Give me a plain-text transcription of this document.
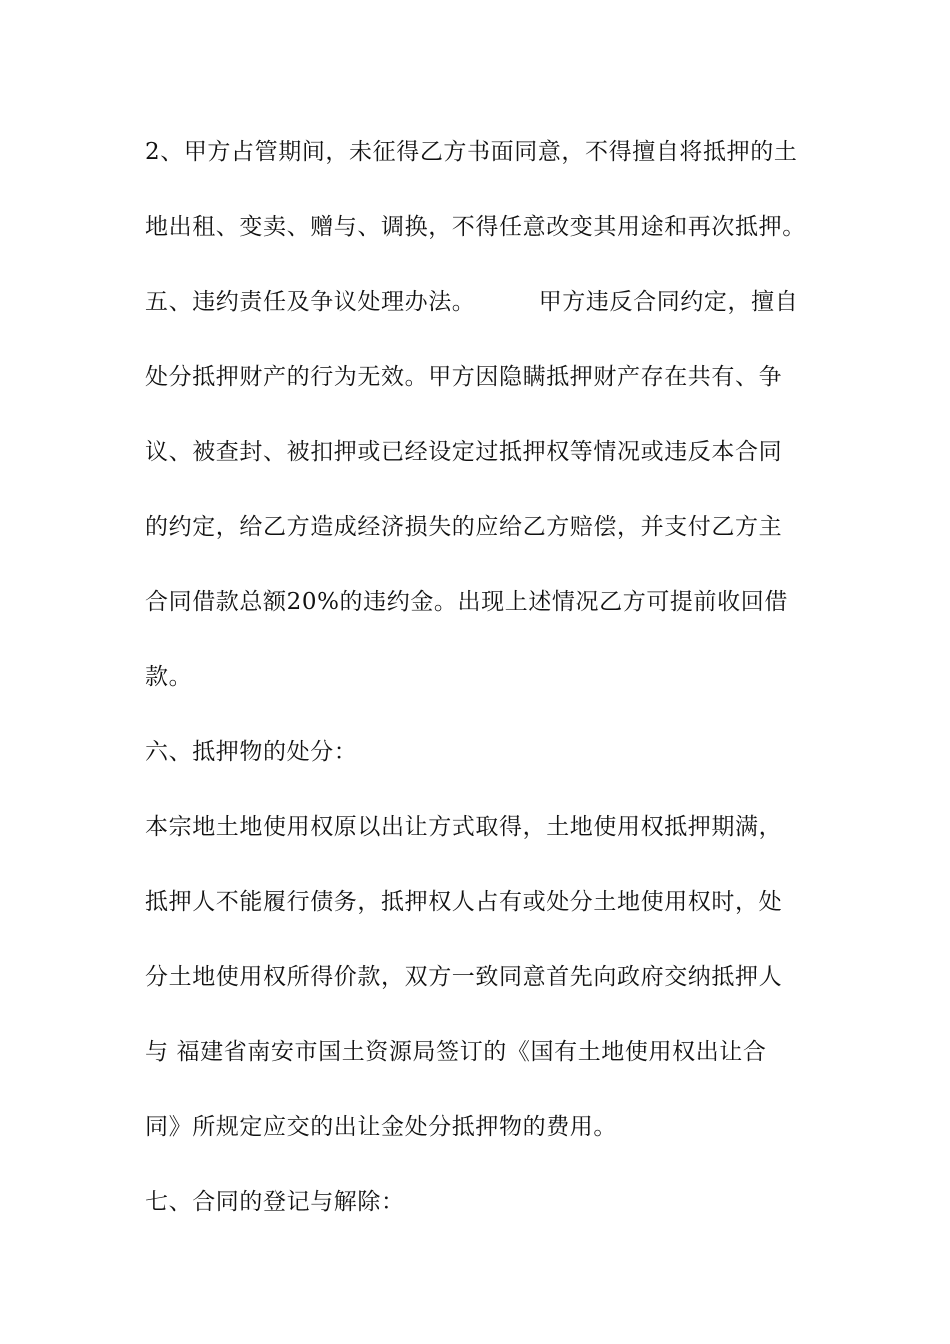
2、甲方占管期间，未征得乙方书面同意，不得擅自将抵押的土
地出租、变卖、赠与、调换，不得任意改变其用途和再次抵押。
五、违约责任及争议处理办法。        甲方违反合同约定，擅自
处分抵押财产的行为无效。甲方因隐瞒抵押财产存在共有、争
议、被查封、被扣押或已经设定过抵押权等情况或违反本合同
的约定，给乙方造成经济损失的应给乙方赔偿，并支付乙方主
合同借款总额20%的违约金。出现上述情况乙方可提前收回借
款。
六、抵押物的处分：
本宗地土地使用权原以出让方式取得，土地使用权抵押期满，
抵押人不能履行债务，抵押权人占有或处分土地使用权时，处
分土地使用权所得价款，双方一致同意首先向政府交纳抵押人
与 福建省南安市国土资源局签订的《国有土地使用权出让合
同》所规定应交的出让金处分抵押物的费用。
七、合同的登记与解除：
